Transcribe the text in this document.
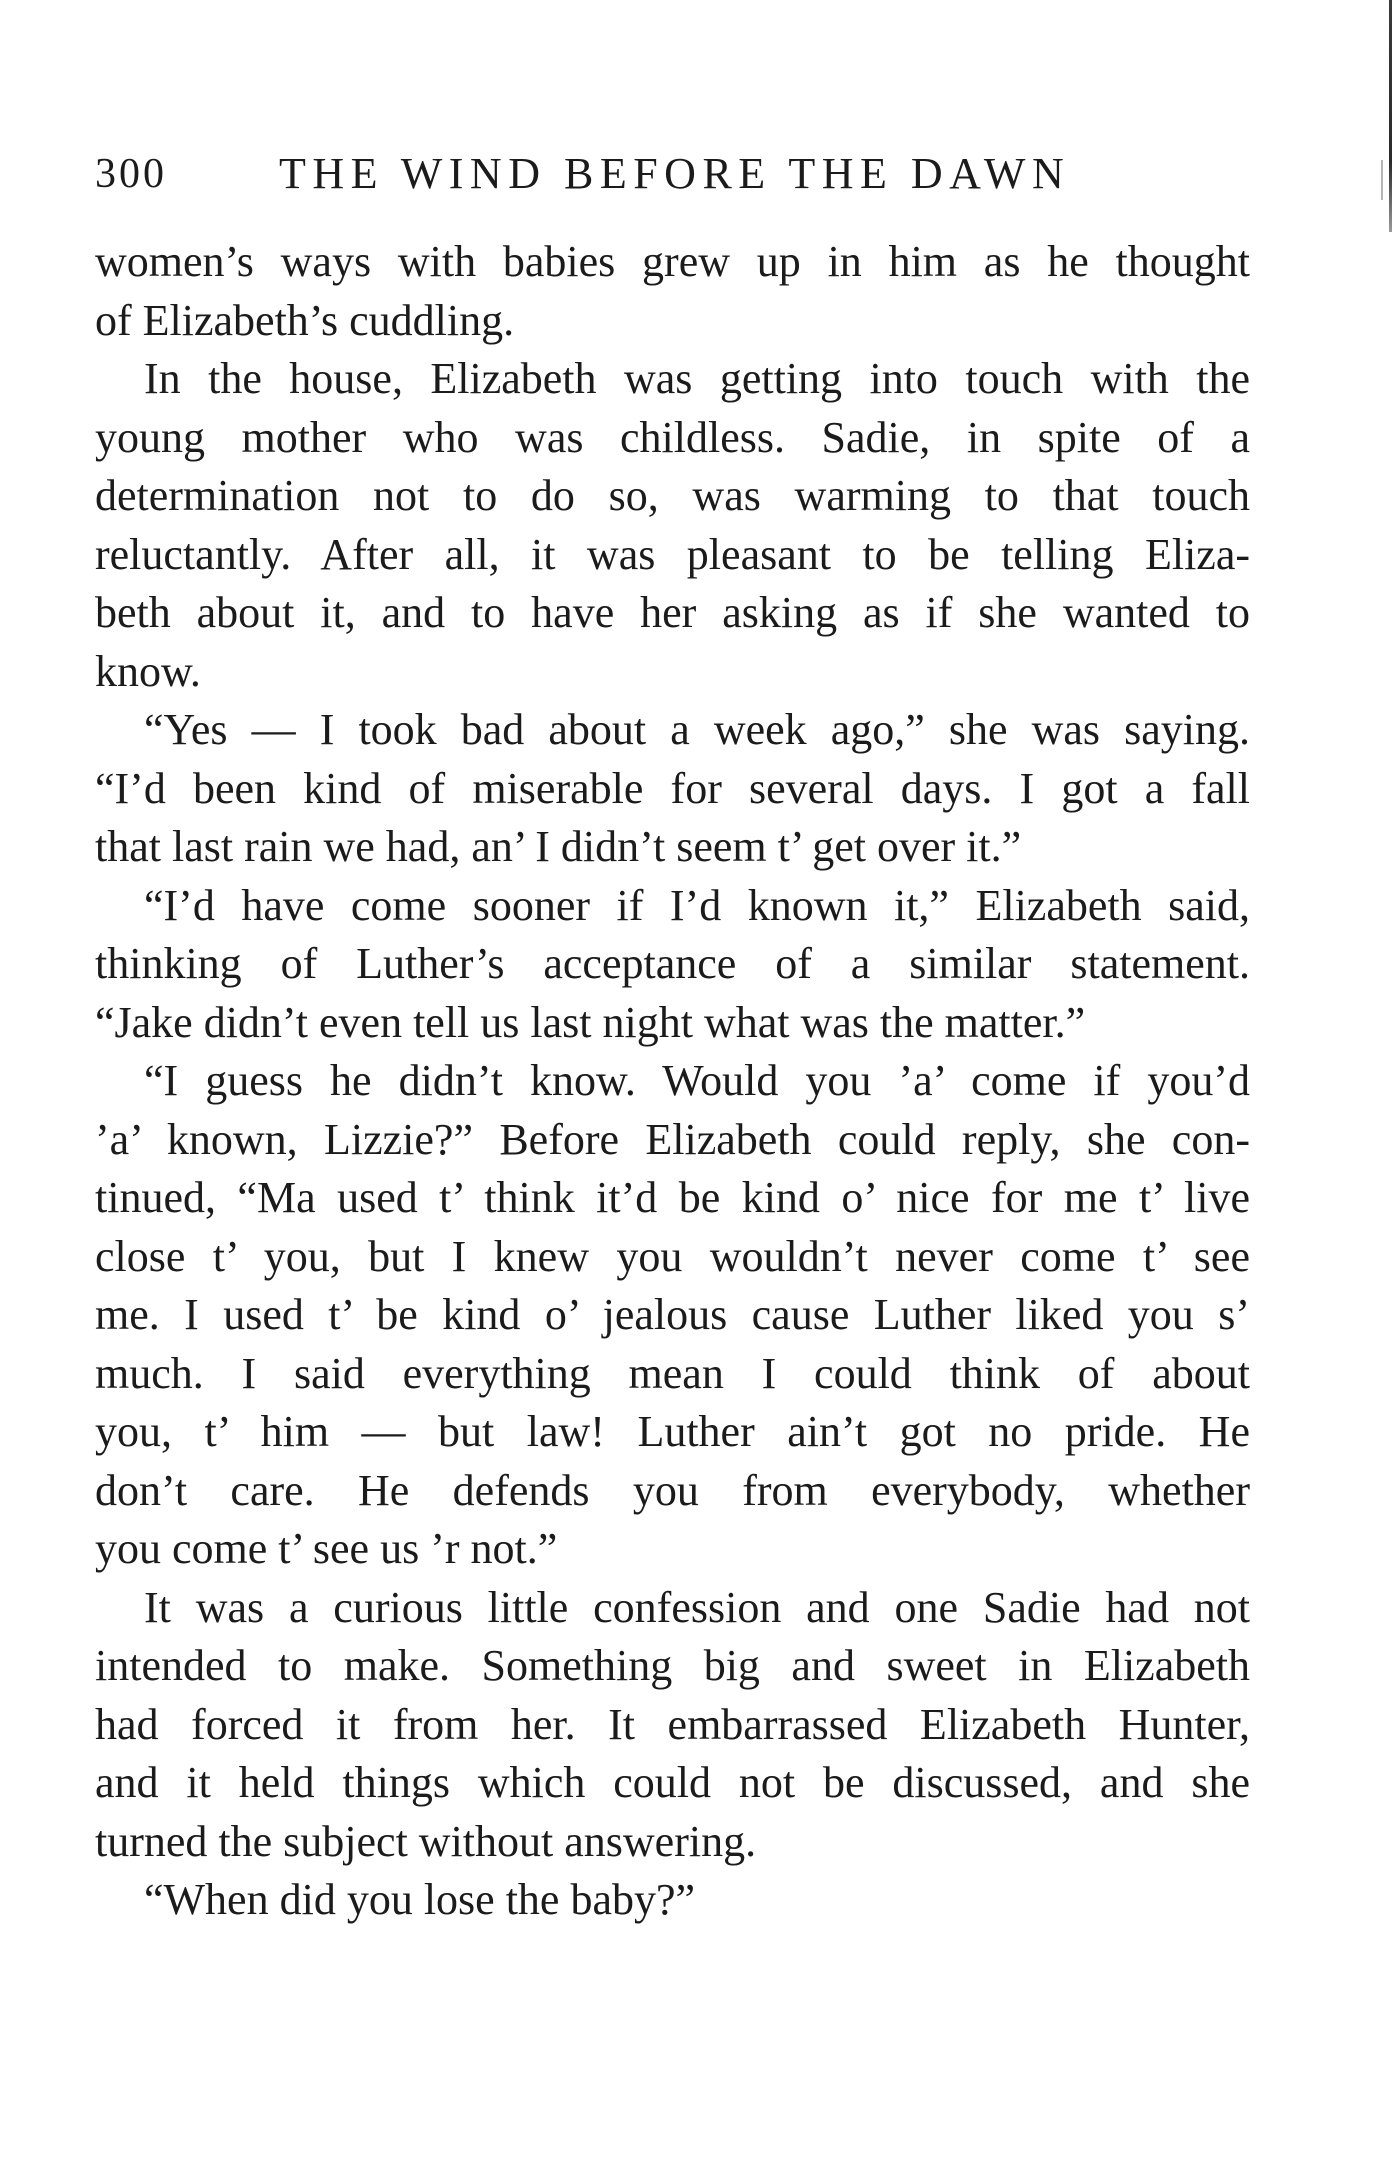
300	THE WIND BEFORE THE DAWN
women’s ways with babies grew up in him as he thought
of Elizabeth’s cuddling.
In the house, Elizabeth was getting into touch with the
young mother who was childless. Sadie, in spite of a
determination not to do so, was warming to that touch
reluctantly. After all, it was pleasant to be telling Eliza-
beth about it, and to have her asking as if she wanted to
know.
“Yes — I took bad about a week ago,” she was saying.
“I’d been kind of miserable for several days. I got a fall
that last rain we had, an’ I didn’t seem t’ get over it.”
“I’d have come sooner if I’d known it,” Elizabeth said,
thinking of Luther’s acceptance of a similar statement.
“Jake didn’t even tell us last night what was the matter.”
“I guess he didn’t know. Would you ’a’ come if you’d
’a’ known, Lizzie?” Before Elizabeth could reply, she con-
tinued, “Ma used t’ think it’d be kind o’ nice for me t’ live
close t’ you, but I knew you wouldn’t never come t’ see
me. I used t’ be kind o’ jealous cause Luther liked you s’
much. I said everything mean I could think of about
you, t’ him — but law! Luther ain’t got no pride. He
don’t care. He defends you from everybody, whether
you come t’ see us ’r not.”
It was a curious little confession and one Sadie had not
intended to make. Something big and sweet in Elizabeth
had forced it from her. It embarrassed Elizabeth Hunter,
and it held things which could not be discussed, and she
turned the subject without answering.
“When did you lose the baby?”
